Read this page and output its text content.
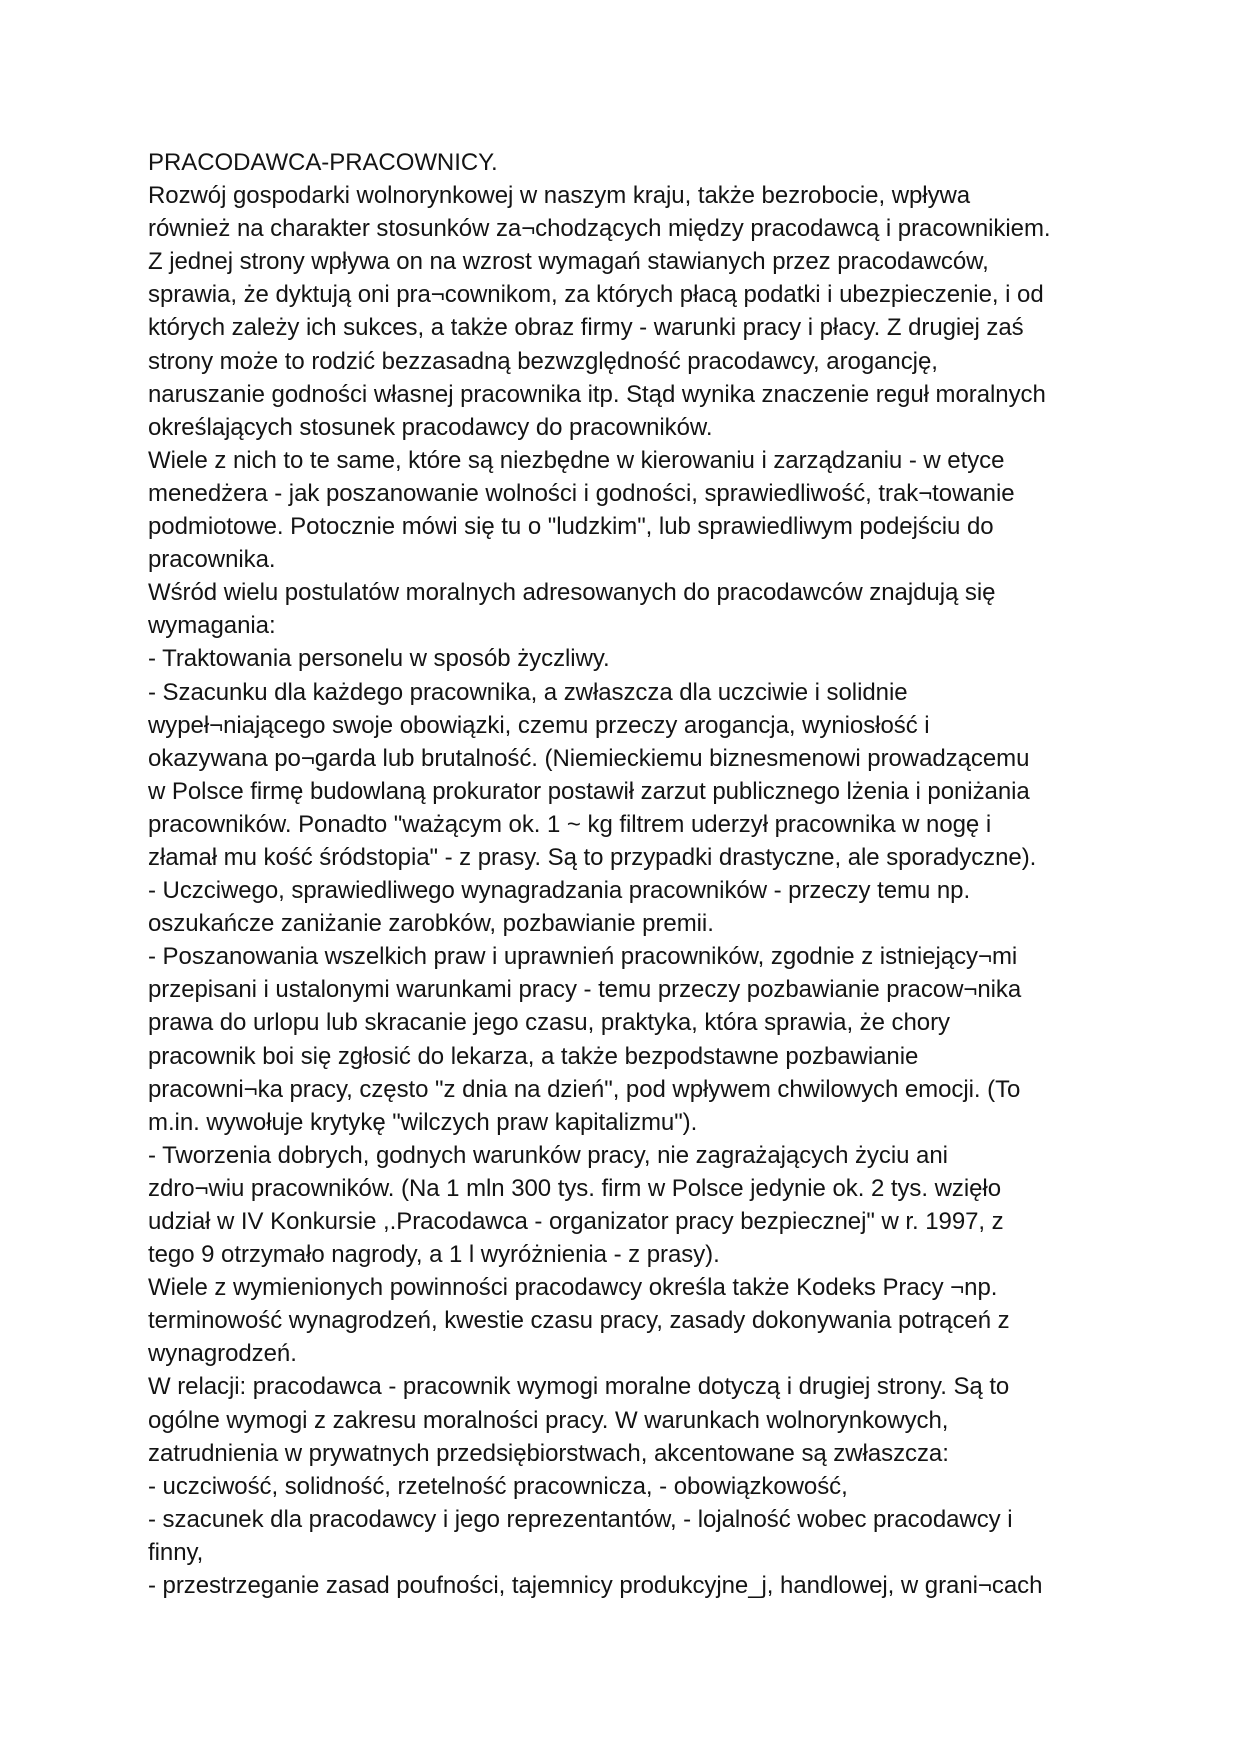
PRACODAWCA-PRACOWNICY.
Rozwój gospodarki wolnorynkowej w naszym kraju, także bezrobocie, wpływa
również na charakter stosunków za¬chodzących między pracodawcą i pracownikiem.
Z jednej strony wpływa on na wzrost wymagań stawianych przez pracodawców,
sprawia, że dyktują oni pra¬cownikom, za których płacą podatki i ubezpieczenie, i od
których zależy ich sukces, a także obraz firmy - warunki pracy i płacy. Z drugiej zaś
strony może to rodzić bezzasadną bezwzględność pracodawcy, arogancję,
naruszanie godności własnej pracownika itp. Stąd wynika znaczenie reguł moralnych
określających stosunek pracodawcy do pracowników.
Wiele z nich to te same, które są niezbędne w kierowaniu i zarządzaniu - w etyce
menedżera - jak poszanowanie wolności i godności, sprawiedliwość, trak¬towanie
podmiotowe. Potocznie mówi się tu o "ludzkim", lub sprawiedliwym podejściu do
pracownika.
Wśród wielu postulatów moralnych adresowanych do pracodawców znajdują się
wymagania:
- Traktowania personelu w sposób życzliwy.
- Szacunku dla każdego pracownika, a zwłaszcza dla uczciwie i solidnie
wypeł¬niającego swoje obowiązki, czemu przeczy arogancja, wyniosłość i
okazywana po¬garda lub brutalność. (Niemieckiemu biznesmenowi prowadzącemu
w Polsce firmę budowlaną prokurator postawił zarzut publicznego lżenia i poniżania
pracowników. Ponadto "ważącym ok. 1 ~ kg filtrem uderzył pracownika w nogę i
złamał mu kość śródstopia" - z prasy. Są to przypadki drastyczne, ale sporadyczne).
- Uczciwego, sprawiedliwego wynagradzania pracowników - przeczy temu np.
oszukańcze zaniżanie zarobków, pozbawianie premii.
- Poszanowania wszelkich praw i uprawnień pracowników, zgodnie z istniejący¬mi
przepisani i ustalonymi warunkami pracy - temu przeczy pozbawianie pracow¬nika
prawa do urlopu lub skracanie jego czasu, praktyka, która sprawia, że chory
pracownik boi się zgłosić do lekarza, a także bezpodstawne pozbawianie
pracowni¬ka pracy, często "z dnia na dzień", pod wpływem chwilowych emocji. (To
m.in. wywołuje krytykę "wilczych praw kapitalizmu").
- Tworzenia dobrych, godnych warunków pracy, nie zagrażających życiu ani
zdro¬wiu pracowników. (Na 1 mln 300 tys. firm w Polsce jedynie ok. 2 tys. wzięło
udział w IV Konkursie ,.Pracodawca - organizator pracy bezpiecznej" w r. 1997, z
tego 9 otrzymało nagrody, a 1 l wyróżnienia - z prasy).
Wiele z wymienionych powinności pracodawcy określa także Kodeks Pracy ¬np.
terminowość wynagrodzeń, kwestie czasu pracy, zasady dokonywania potrąceń z
wynagrodzeń.
W relacji: pracodawca - pracownik wymogi moralne dotyczą i drugiej strony. Są to
ogólne wymogi z zakresu moralności pracy. W warunkach wolnorynkowych,
zatrudnienia w prywatnych przedsiębiorstwach, akcentowane są zwłaszcza:
- uczciwość, solidność, rzetelność pracownicza, - obowiązkowość,
- szacunek dla pracodawcy i jego reprezentantów, - lojalność wobec pracodawcy i
finny,
- przestrzeganie zasad poufności, tajemnicy produkcyjne_j, handlowej, w grani¬cach
